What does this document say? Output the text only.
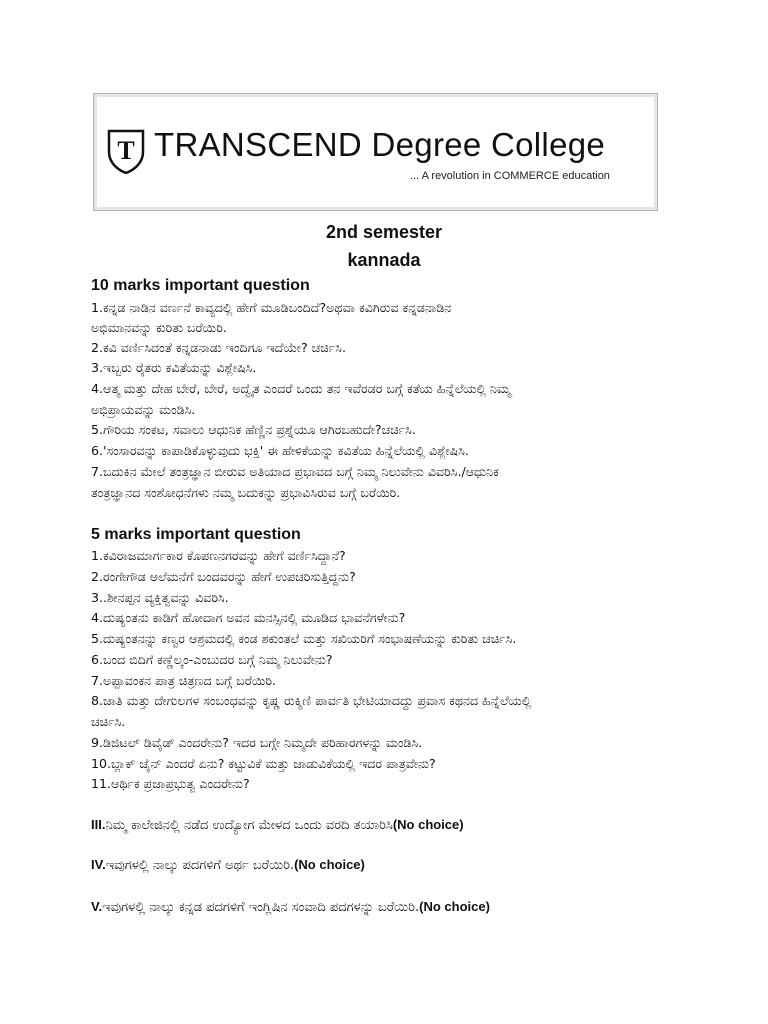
T TRANSCEND Degree College
... A revolution in COMMERCE education
2nd semester
kannada
10 marks important question
1.ಕನ್ನಡ ನಾಡಿನ ವರ್ಣನೆ ಕಾವ್ಯದಲ್ಲಿ ಹೇಗೆ ಮೂಡಿಬಂದಿದೆ?ಅಥವಾ ಕವಿಗಿರುವ ಕನ್ನಡನಾಡಿನ
ಅಭಿಮಾನವನ್ನು ಕುರಿತು ಬರೆಯಿರಿ.
2.ಕವಿ ವರ್ಣಿಸಿದಂತೆ ಕನ್ನಡನಾಡು ಇಂದಿಗೂ ಇದೆಯೇ? ಚರ್ಚಿಸಿ.
3.ಇಬ್ಬರು ರೈತರು ಕವಿತೆಯನ್ನು ವಿಶ್ಲೇಷಿಸಿ.
4.ಆತ್ಮ ಮತ್ತು ದೇಹ ಬೇರೆ, ಬೇರೆ, ಅದ್ವೈತ ಎಂದರೆ ಒಂದು ತನ ಇವೆರಡರ ಬಗ್ಗೆ ಕತೆಯ ಹಿನ್ನೆಲೆಯಲ್ಲಿ ನಿಮ್ಮ
ಅಭಿಪ್ರಾಯವನ್ನು ಮಂಡಿಸಿ.
5.ಗೌರಿಯ ಸಂಕಟ, ಸವಾಲು ಆಧುನಿಕ ಹೆಣ್ಣಿನ ಪ್ರಶ್ನೆಯೂ ಆಗಿರಬಹುದೇ?ಚರ್ಚಿಸಿ.
6.'ಸಂಸಾರವನ್ನು ಕಾಪಾಡಿಕೊಳ್ಳುವುದು ಭಕ್ತಿ' ಈ ಹೇಳಿಕೆಯನ್ನು ಕವಿತೆಯ ಹಿನ್ನೆಲೆಯಲ್ಲಿ ವಿಶ್ಲೇಷಿಸಿ.
7.ಬದುಕಿನ ಮೇಲೆ ತಂತ್ರಜ್ಞಾನ ಬೀರುವ ಅತಿಯಾದ ಪ್ರಭಾವದ ಬಗ್ಗೆ ನಿಮ್ಮ ನಿಲುವೇನು ವಿವರಿಸಿ./ಆಧುನಿಕ
ತಂತ್ರಜ್ಞಾನದ ಸಂಶೋಧನೆಗಳು ನಮ್ಮ ಬದುಕನ್ನು ಪ್ರಭಾವಿಸಿರುವ ಬಗ್ಗೆ ಬರೆಯಿರಿ.
5 marks important question
1.ಕವಿರಾಜಮಾರ್ಗಕಾರ ಕೊಪಣನಗರವನ್ನು ಹೇಗೆ ವರ್ಣಿಸಿದ್ದಾನೆ?
2.ರಂಗೇಗೌಡ ಆಲೆಮನೆಗೆ ಬಂದವರನ್ನು ಹೇಗೆ ಉಪಚರಿಸುತ್ತಿದ್ದನು?
3..ಶೀನಪ್ಪನ ವ್ಯಕ್ತಿತ್ವವನ್ನು ವಿವರಿಸಿ.
4.ದುಷ್ಯಂತನು ಕಾಡಿಗೆ ಹೋದಾಗ ಅವನ ಮನಸ್ಸಿನಲ್ಲಿ ಮೂಡಿದ ಭಾವನೆಗಳೇನು?
5.ದುಷ್ಯಂತನನ್ನು ಕಣ್ವರ ಆಶ್ರಮದಲ್ಲಿ ಕಂಡ ಶಕುಂತಲೆ ಮತ್ತು ಸಖಿಯರಿಗೆ ಸಂಭಾಷಣೆಯನ್ನು ಕುರಿತು ಚರ್ಚಿಸಿ.
6.ಬಂದ ಬಿದಿಗೆ ಕಣ್ಣೆಲ್ಕಂ-ಎಂಬುದರ ಬಗ್ಗೆ ನಿಮ್ಮ ನಿಲುವೇನು?
7.ಅಪ್ಪಾವಂಕನ ಪಾತ್ರ ಚಿತ್ರಣದ ಬಗ್ಗೆ ಬರೆಯಿರಿ.
8.ಜಾತಿ ಮತ್ತು ದೇಗುಲಗಳ ಸಂಬಂಧವನ್ನು ಕೃಷ್ಣ ರುಕ್ಮಿಣಿ ಪಾರ್ವತಿ ಭೇಟಿಯಾದದ್ದು ಪ್ರವಾಸ ಕಥನದ ಹಿನ್ನೆಲೆಯಲ್ಲಿ
ಚರ್ಚಿಸಿ.
9.ಡಿಜಿಟಲ್ ಡಿವೈಡ್ ಎಂದರೇನು? ಇದರ ಬಗ್ಗೇ ನಿಮ್ಮದೇ ಪರಿಹಾರಗಳನ್ನು ಮಂಡಿಸಿ.
10.ಬ್ಲಾಕ್ ಚೈನ್ ಎಂದರೆ ಏನು? ಕಟ್ಟುವಿಕೆ ಮತ್ತು ಜಾಡುವಿಕೆಯಲ್ಲಿ ಇದರ ಪಾತ್ರವೇನು?
11.ಆರ್ಥಿಕ ಪ್ರಜಾಪ್ರಭುತ್ವ ಎಂದರೇನು?
III.ನಿಮ್ಮ ಕಾಲೇಜಿನಲ್ಲಿ ನಡೆದ ಉದ್ಯೋಗ ಮೇಳದ ಒಂದು ವರದಿ ತಯಾರಿಸಿ(No choice)
IV.ಇವುಗಳಲ್ಲಿ ನಾಲ್ಕು ಪದಗಳಿಗೆ ಅರ್ಥ ಬರೆಯಿರಿ.(No choice)
V.ಇವುಗಳಲ್ಲಿ ನಾಲ್ಕು ಕನ್ನಡ ಪದಗಳಿಗೆ ಇಂಗ್ಲಿಷಿನ ಸಂವಾದಿ ಪದಗಳನ್ನು ಬರೆಯಿರಿ.(No choice)
